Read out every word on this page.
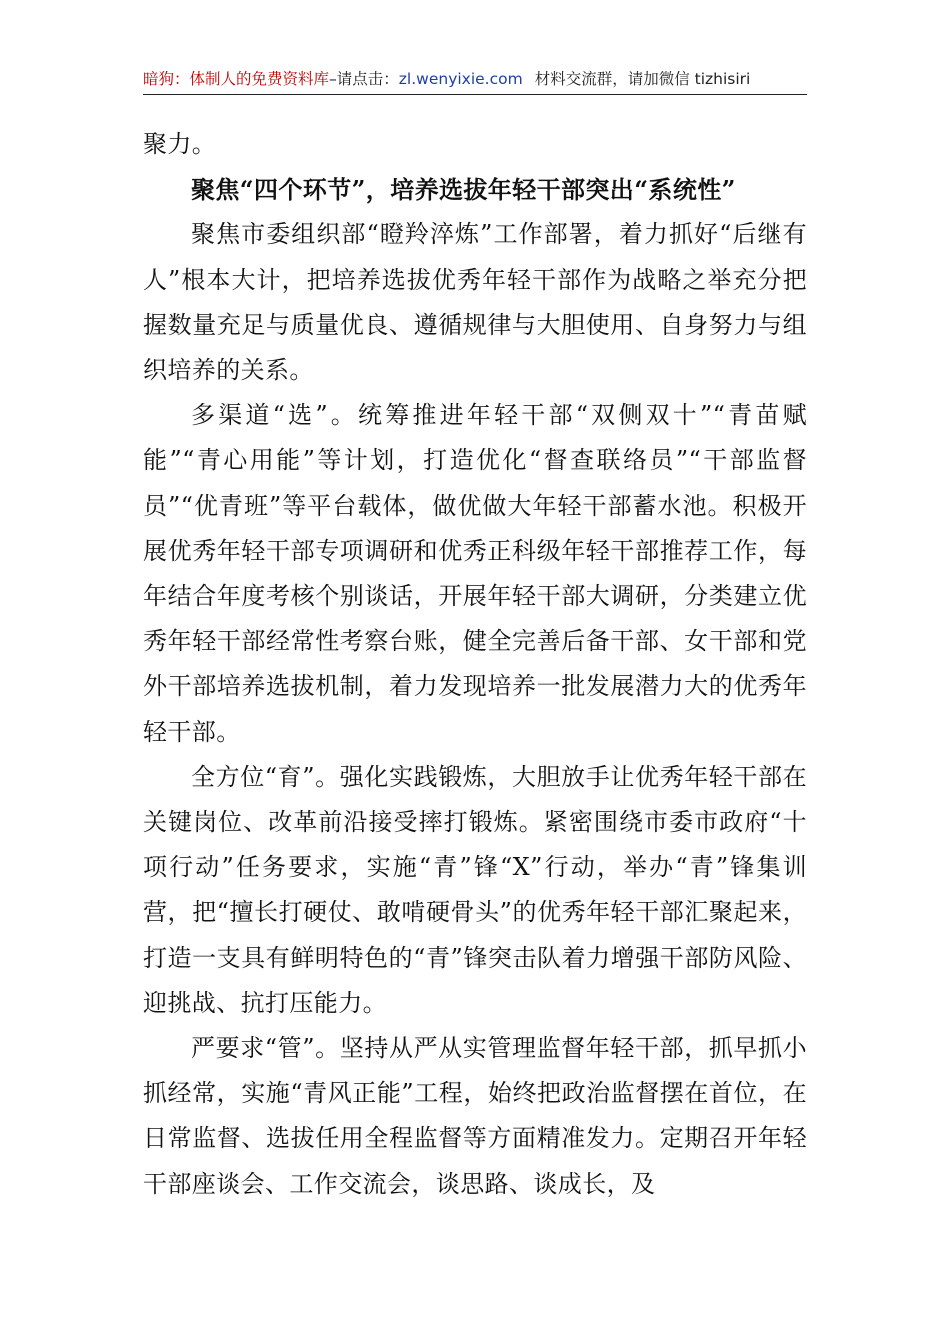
暗狗：体制人的免费资料库–请点击：zl.wenyixie.com 材料交流群，请加微信 tizhisiri

聚力。

聚焦“四个环节”，培养选拔年轻干部突出“系统性”

聚焦市委组织部“瞪羚淬炼”工作部署，着力抓好“后继有人”根本大计，把培养选拔优秀年轻干部作为战略之举充分把握数量充足与质量优良、遵循规律与大胆使用、自身努力与组织培养的关系。

多渠道“选”。统筹推进年轻干部“双侧双十”“青苗赋能”“青心用能”等计划，打造优化“督查联络员”“干部监督员”“优青班”等平台载体，做优做大年轻干部蓄水池。积极开展优秀年轻干部专项调研和优秀正科级年轻干部推荐工作，每年结合年度考核个别谈话，开展年轻干部大调研，分类建立优秀年轻干部经常性考察台账，健全完善后备干部、女干部和党外干部培养选拔机制，着力发现培养一批发展潜力大的优秀年轻干部。

全方位“育”。强化实践锻炼，大胆放手让优秀年轻干部在关键岗位、改革前沿接受摔打锻炼。紧密围绕市委市政府“十项行动”任务要求，实施“青”锋“X”行动，举办“青”锋集训营，把“擅长打硬仗、敢啃硬骨头”的优秀年轻干部汇聚起来，打造一支具有鲜明特色的“青”锋突击队着力增强干部防风险、迎挑战、抗打压能力。

严要求“管”。坚持从严从实管理监督年轻干部，抓早抓小抓经常，实施“青风正能”工程，始终把政治监督摆在首位，在日常监督、选拔任用全程监督等方面精准发力。定期召开年轻干部座谈会、工作交流会，谈思路、谈成长，及
